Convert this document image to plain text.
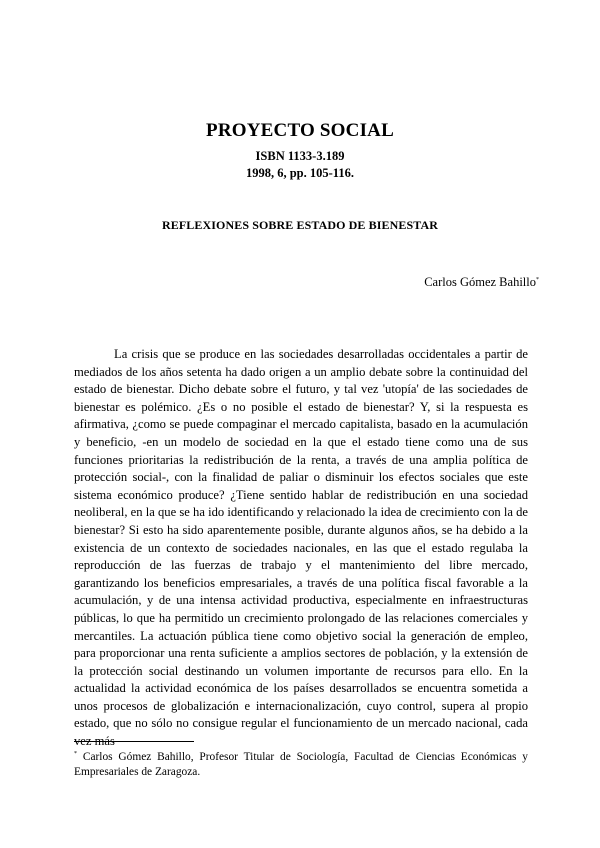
PROYECTO SOCIAL
ISBN 1133-3.189
1998, 6, pp. 105-116.
REFLEXIONES SOBRE ESTADO DE BIENESTAR
Carlos Gómez Bahillo*

La crisis que se produce en las sociedades desarrolladas occidentales a partir de mediados de los años setenta ha dado origen a un amplio debate sobre la continuidad del estado de bienestar. Dicho debate sobre el futuro, y tal vez 'utopía' de las sociedades de bienestar es polémico. ¿Es o no posible el estado de bienestar? Y, si la respuesta es afirmativa, ¿como se puede compaginar el mercado capitalista, basado en la acumulación y beneficio, -en un modelo de sociedad en la que el estado tiene como una de sus funciones prioritarias la redistribución de la renta, a través de una amplia política de protección social-, con la finalidad de paliar o disminuir los efectos sociales que este sistema económico produce? ¿Tiene sentido hablar de redistribución en una sociedad neoliberal, en la que se ha ido identificando y relacionado la idea de crecimiento con la de bienestar? Si esto ha sido aparentemente posible, durante algunos años, se ha debido a la existencia de un contexto de sociedades nacionales, en las que el estado regulaba la reproducción de las fuerzas de trabajo y el mantenimiento del libre mercado, garantizando los beneficios empresariales, a través de una política fiscal favorable a la acumulación, y de una intensa actividad productiva, especialmente en infraestructuras públicas, lo que ha permitido un crecimiento prolongado de las relaciones comerciales y mercantiles. La actuación pública tiene como objetivo social la generación de empleo, para proporcionar una renta suficiente a amplios sectores de población, y la extensión de la protección social destinando un volumen importante de recursos para ello. En la actualidad la actividad económica de los países desarrollados se encuentra sometida a unos procesos de globalización e internacionalización, cuyo control, supera al propio estado, que no sólo no consigue regular el funcionamiento de un mercado nacional, cada vez más

* Carlos Gómez Bahillo, Profesor Titular de Sociología, Facultad de Ciencias Económicas y Empresariales de Zaragoza.
